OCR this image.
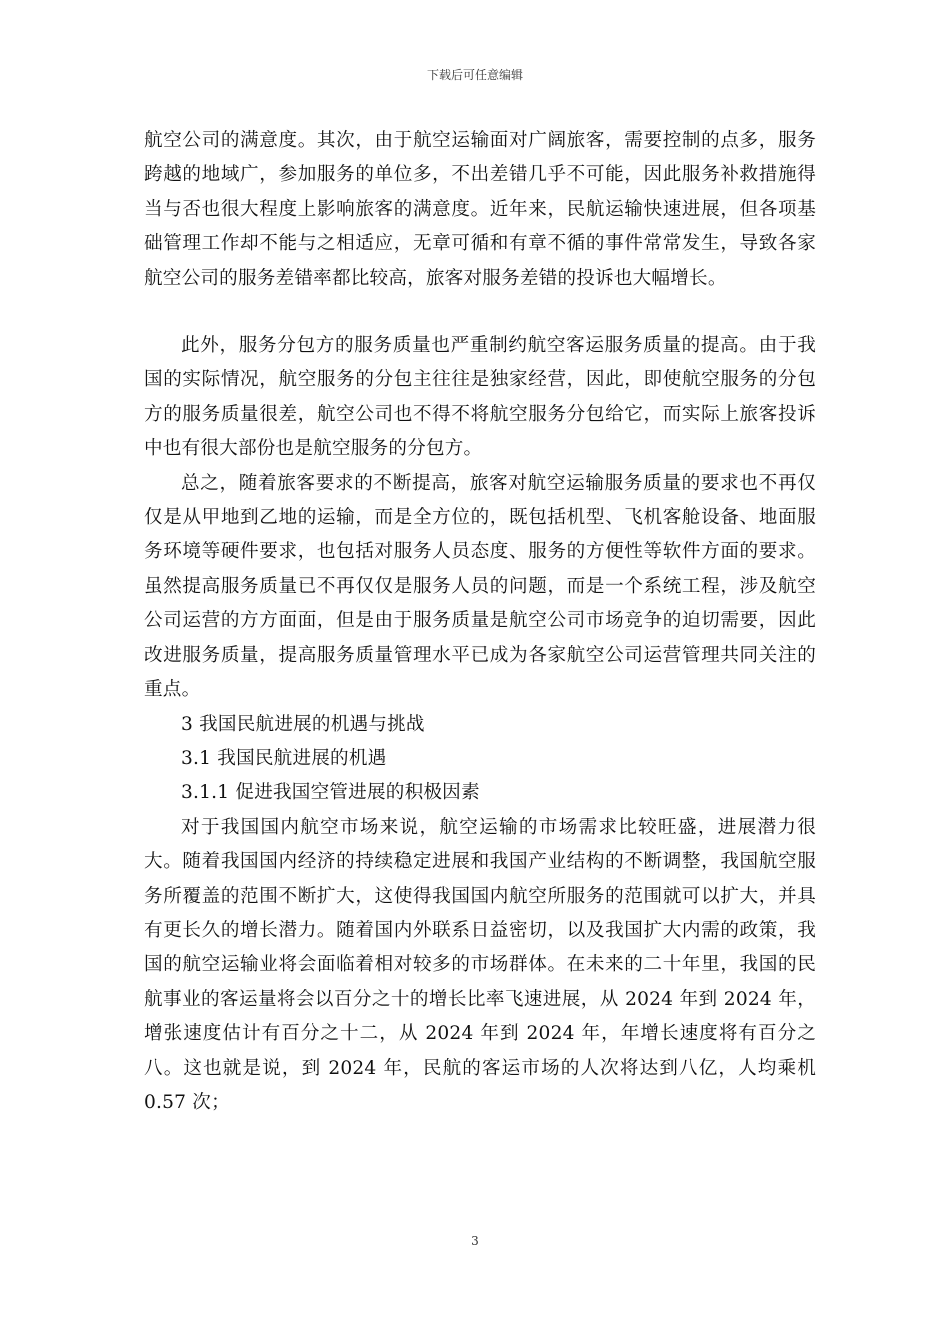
下载后可任意编辑

航空公司的满意度。其次，由于航空运输面对广阔旅客，需要控制的点多，服务跨越的地域广，参加服务的单位多，不出差错几乎不可能，因此服务补救措施得当与否也很大程度上影响旅客的满意度。近年来，民航运输快速进展，但各项基础管理工作却不能与之相适应，无章可循和有章不循的事件常常发生，导致各家航空公司的服务差错率都比较高，旅客对服务差错的投诉也大幅增长。

此外，服务分包方的服务质量也严重制约航空客运服务质量的提高。由于我国的实际情况，航空服务的分包主往往是独家经营，因此，即使航空服务的分包方的服务质量很差，航空公司也不得不将航空服务分包给它，而实际上旅客投诉中也有很大部份也是航空服务的分包方。

总之，随着旅客要求的不断提高，旅客对航空运输服务质量的要求也不再仅仅是从甲地到乙地的运输，而是全方位的，既包括机型、飞机客舱设备、地面服务环境等硬件要求，也包括对服务人员态度、服务的方便性等软件方面的要求。虽然提高服务质量已不再仅仅是服务人员的问题，而是一个系统工程，涉及航空公司运营的方方面面，但是由于服务质量是航空公司市场竞争的迫切需要，因此改进服务质量，提高服务质量管理水平已成为各家航空公司运营管理共同关注的重点。

3 我国民航进展的机遇与挑战

3.1 我国民航进展的机遇

3.1.1 促进我国空管进展的积极因素

对于我国国内航空市场来说，航空运输的市场需求比较旺盛，进展潜力很大。随着我国国内经济的持续稳定进展和我国产业结构的不断调整，我国航空服务所覆盖的范围不断扩大，这使得我国国内航空所服务的范围就可以扩大，并具有更长久的增长潜力。随着国内外联系日益密切，以及我国扩大内需的政策，我国的航空运输业将会面临着相对较多的市场群体。在未来的二十年里，我国的民航事业的客运量将会以百分之十的增长比率飞速进展，从 2024 年到 2024 年，增张速度估计有百分之十二，从 2024 年到 2024 年，年增长速度将有百分之八。这也就是说，到 2024 年，民航的客运市场的人次将达到八亿，人均乘机 0.57 次；

3
